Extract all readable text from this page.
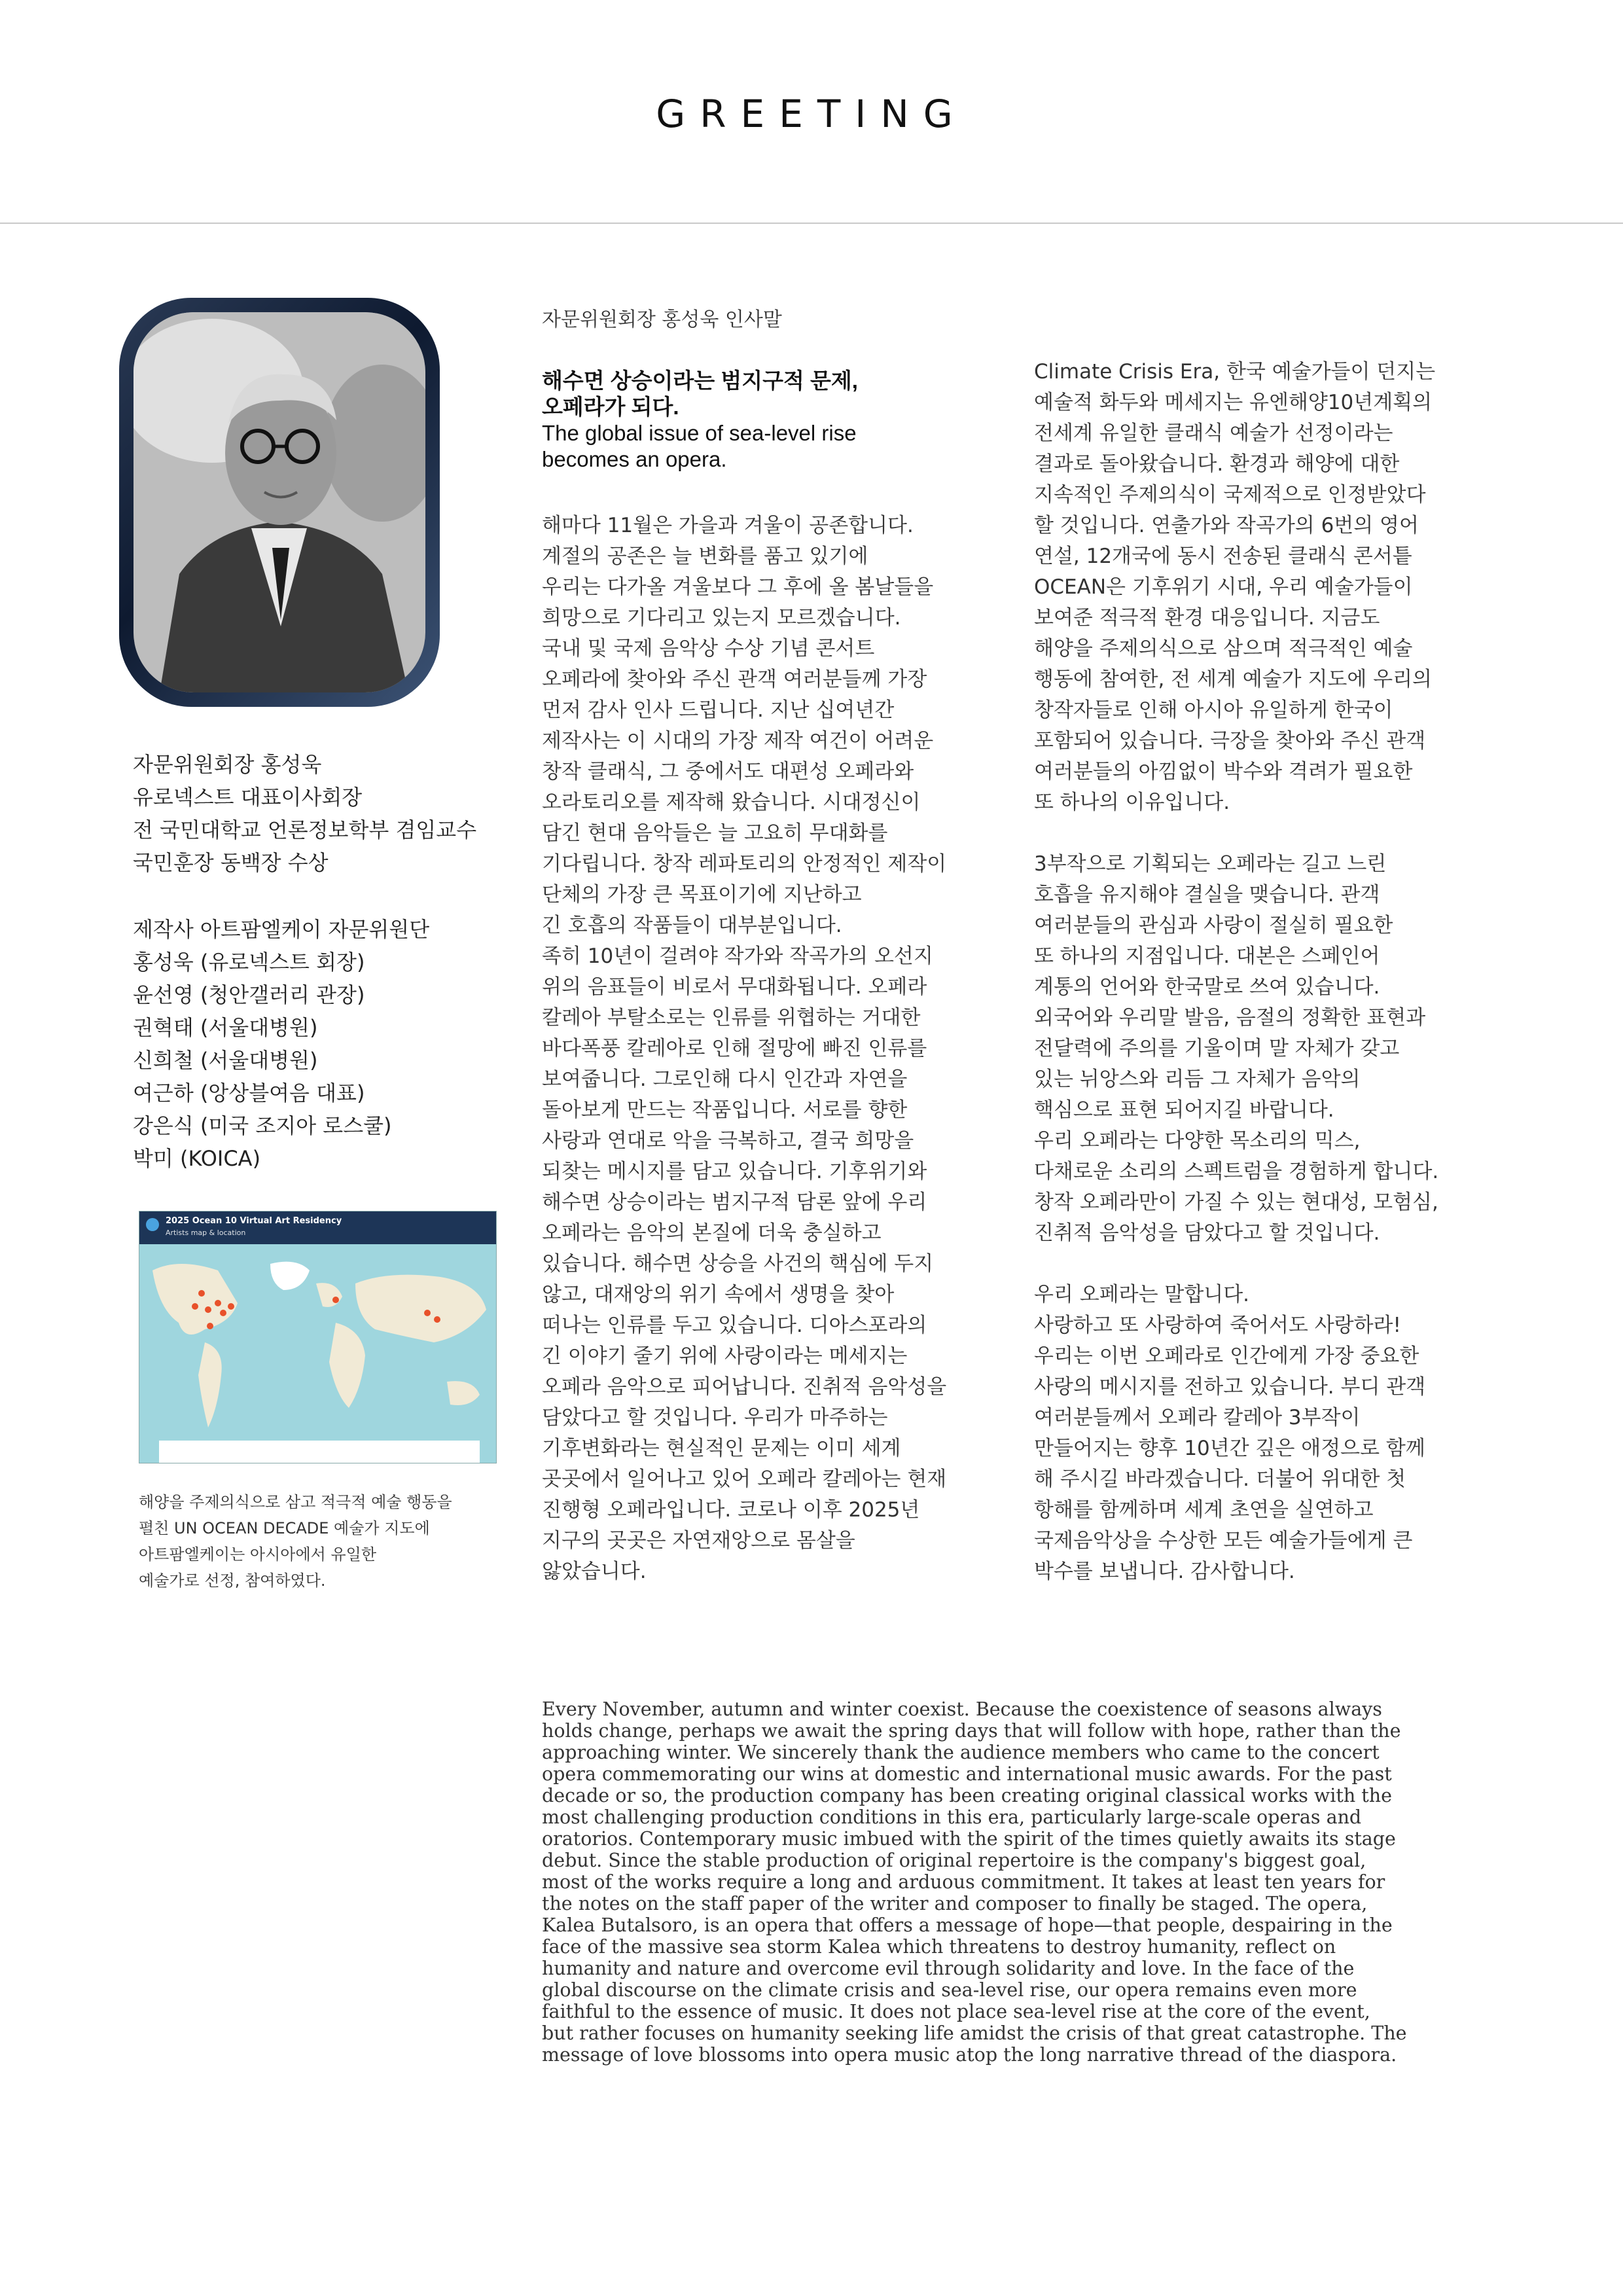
GREETING
자문위원회장 홍성욱
유로넥스트 대표이사회장
전 국민대학교 언론정보학부 겸임교수
국민훈장 동백장 수상
제작사 아트팜엘케이 자문위원단
홍성욱 (유로넥스트 회장)
윤선영 (청안갤러리 관장)
권혁태 (서울대병원)
신희철 (서울대병원)
여근하 (앙상블여음 대표)
강은식 (미국 조지아 로스쿨)
박미 (KOICA)
2025 Ocean 10 Virtual Art Residency
Artists map & location
해양을 주제의식으로 삼고 적극적 예술 행동을
펼친 UN OCEAN DECADE 예술가 지도에
아트팜엘케이는 아시아에서 유일한
예술가로 선정, 참여하였다.
자문위원회장 홍성욱 인사말
해수면 상승이라는 범지구적 문제,
오페라가 되다.
The global issue of sea-level rise
becomes an opera.
해마다 11월은 가을과 겨울이 공존합니다.
계절의 공존은 늘 변화를 품고 있기에
우리는 다가올 겨울보다 그 후에 올 봄날들을
희망으로 기다리고 있는지 모르겠습니다.
국내 및 국제 음악상 수상 기념 콘서트
오페라에 찾아와 주신 관객 여러분들께 가장
먼저 감사 인사 드립니다. 지난 십여년간
제작사는 이 시대의 가장 제작 여건이 어려운
창작 클래식, 그 중에서도 대편성 오페라와
오라토리오를 제작해 왔습니다. 시대정신이
담긴 현대 음악들은 늘 고요히 무대화를
기다립니다. 창작 레파토리의 안정적인 제작이
단체의 가장 큰 목표이기에 지난하고
긴 호흡의 작품들이 대부분입니다.
족히 10년이 걸려야 작가와 작곡가의 오선지
위의 음표들이 비로서 무대화됩니다. 오페라
칼레아 부탈소로는 인류를 위협하는 거대한
바다폭풍 칼레아로 인해 절망에 빠진 인류를
보여줍니다. 그로인해 다시 인간과 자연을
돌아보게 만드는 작품입니다. 서로를 향한
사랑과 연대로 악을 극복하고, 결국 희망을
되찾는 메시지를 담고 있습니다. 기후위기와
해수면 상승이라는 범지구적 담론 앞에 우리
오페라는 음악의 본질에 더욱 충실하고
있습니다. 해수면 상승을 사건의 핵심에 두지
않고, 대재앙의 위기 속에서 생명을 찾아
떠나는 인류를 두고 있습니다. 디아스포라의
긴 이야기 줄기 위에 사랑이라는 메세지는
오페라 음악으로 피어납니다. 진취적 음악성을
담았다고 할 것입니다. 우리가 마주하는
기후변화라는 현실적인 문제는 이미 세계
곳곳에서 일어나고 있어 오페라 칼레아는 현재
진행형 오페라입니다. 코로나 이후 2025년
지구의 곳곳은 자연재앙으로 몸살을
앓았습니다.
Climate Crisis Era, 한국 예술가들이 던지는
예술적 화두와 메세지는 유엔해양10년계획의
전세계 유일한 클래식 예술가 선정이라는
결과로 돌아왔습니다. 환경과 해양에 대한
지속적인 주제의식이 국제적으로 인정받았다
할 것입니다. 연출가와 작곡가의 6번의 영어
연설, 12개국에 동시 전송된 클래식 콘서틑
OCEAN은 기후위기 시대, 우리 예술가들이
보여준 적극적 환경 대응입니다. 지금도
해양을 주제의식으로 삼으며 적극적인 예술
행동에 참여한, 전 세계 예술가 지도에 우리의
창작자들로 인해 아시아 유일하게 한국이
포함되어 있습니다. 극장을 찾아와 주신 관객
여러분들의 아낌없이 박수와 격려가 필요한
또 하나의 이유입니다.
3부작으로 기획되는 오페라는 길고 느린
호흡을 유지해야 결실을 맺습니다. 관객
여러분들의 관심과 사랑이 절실히 필요한
또 하나의 지점입니다. 대본은 스페인어
계통의 언어와 한국말로 쓰여 있습니다.
외국어와 우리말 발음, 음절의 정확한 표현과
전달력에 주의를 기울이며 말 자체가 갖고
있는 뉘앙스와 리듬 그 자체가 음악의
핵심으로 표현 되어지길 바랍니다.
우리 오페라는 다양한 목소리의 믹스,
다채로운 소리의 스펙트럼을 경험하게 합니다.
창작 오페라만이 가질 수 있는 현대성, 모험심,
진취적 음악성을 담았다고 할 것입니다.
우리 오페라는 말합니다.
사랑하고 또 사랑하여 죽어서도 사랑하라!
우리는 이번 오페라로 인간에게 가장 중요한
사랑의 메시지를 전하고 있습니다. 부디 관객
여러분들께서 오페라 칼레아 3부작이
만들어지는 향후 10년간 깊은 애정으로 함께
해 주시길 바라겠습니다. 더불어 위대한 첫
항해를 함께하며 세계 초연을 실연하고
국제음악상을 수상한 모든 예술가들에게 큰
박수를 보냅니다. 감사합니다.
Every November, autumn and winter coexist. Because the coexistence of seasons always
holds change, perhaps we await the spring days that will follow with hope, rather than the
approaching winter. We sincerely thank the audience members who came to the concert
opera commemorating our wins at domestic and international music awards. For the past
decade or so, the production company has been creating original classical works with the
most challenging production conditions in this era, particularly large-scale operas and
oratorios. Contemporary music imbued with the spirit of the times quietly awaits its stage
debut. Since the stable production of original repertoire is the company's biggest goal,
most of the works require a long and arduous commitment. It takes at least ten years for
the notes on the staff paper of the writer and composer to finally be staged. The opera,
Kalea Butalsoro, is an opera that offers a message of hope—that people, despairing in the
face of the massive sea storm Kalea which threatens to destroy humanity, reflect on
humanity and nature and overcome evil through solidarity and love. In the face of the
global discourse on the climate crisis and sea-level rise, our opera remains even more
faithful to the essence of music. It does not place sea-level rise at the core of the event,
but rather focuses on humanity seeking life amidst the crisis of that great catastrophe. The
message of love blossoms into opera music atop the long narrative thread of the diaspora.
